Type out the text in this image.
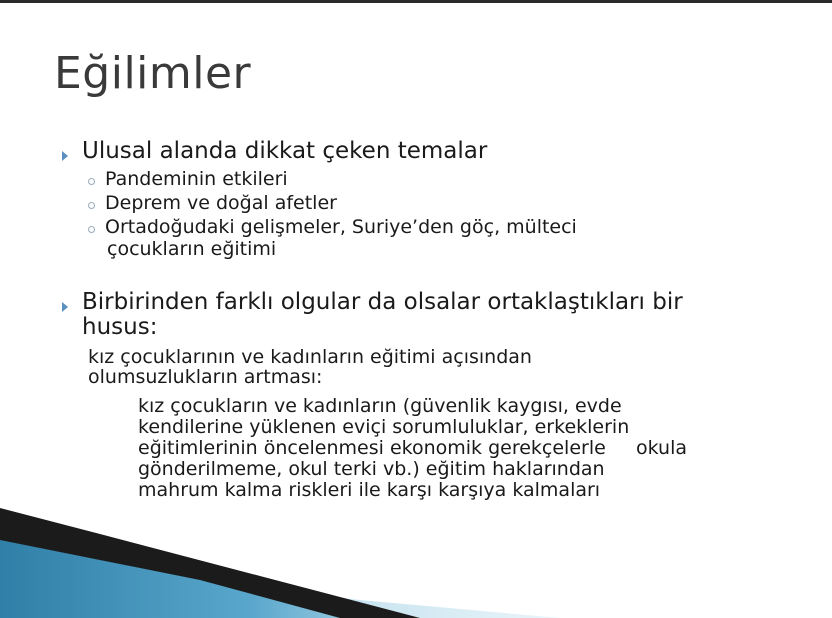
Eğilimler
Ulusal alanda dikkat çeken temalar
Pandeminin etkileri
Deprem ve doğal afetler
Ortadoğudaki gelişmeler, Suriye’den göç, mülteci
çocukların eğitimi
Birbirinden farklı olgular da olsalar ortaklaştıkları bir
husus:
kız çocuklarının ve kadınların eğitimi açısından
olumsuzlukların artması:
kız çocukların ve kadınların (güvenlik kaygısı, evde
kendilerine yüklenen eviçi sorumluluklar, erkeklerin
eğitimlerinin öncelenmesi ekonomik gerekçelerle     okula
gönderilmeme, okul terki vb.) eğitim haklarından
mahrum kalma riskleri ile karşı karşıya kalmaları
